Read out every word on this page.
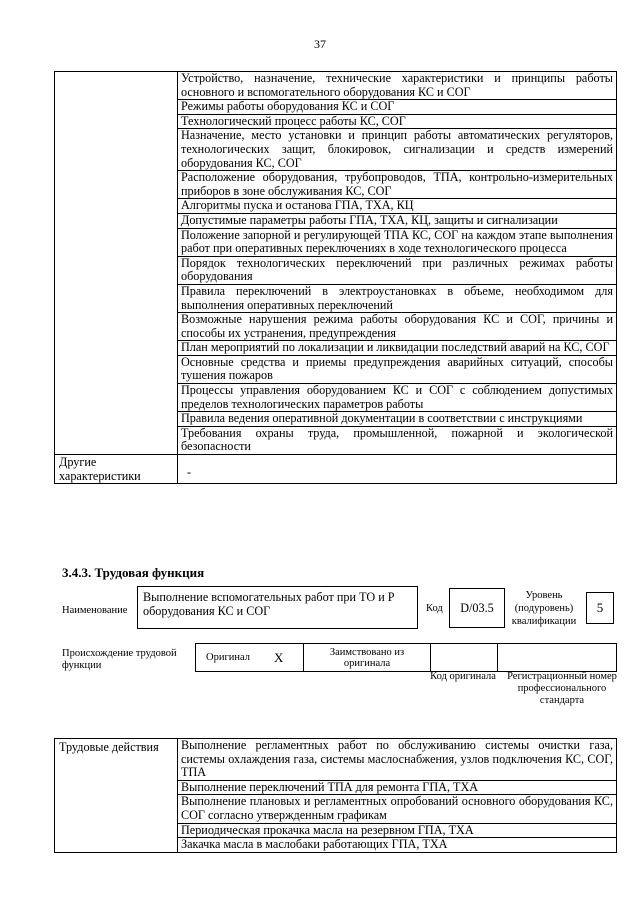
37
	Устройство, назначение, технические характеристики и принципы работы основного и вспомогательного оборудования КС и СОГ
	Режимы работы оборудования КС и СОГ
	Технологический процесс работы КС, СОГ
	Назначение, место установки и принцип работы автоматических регуляторов, технологических защит, блокировок, сигнализации и средств измерений оборудования КС, СОГ
	Расположение оборудования, трубопроводов, ТПА, контрольно-измерительных приборов в зоне обслуживания КС, СОГ
	Алгоритмы пуска и останова ГПА, ТХА, КЦ
	Допустимые параметры работы ГПА, ТХА, КЦ, защиты и сигнализации
	Положение запорной и регулирующей ТПА КС, СОГ на каждом этапе выполнения работ при оперативных переключениях в ходе технологического процесса
	Порядок технологических переключений при различных режимах работы оборудования
	Правила переключений в электроустановках в объеме, необходимом для выполнения оперативных переключений
	Возможные нарушения режима работы оборудования КС и СОГ, причины и способы их устранения, предупреждения
	План мероприятий по локализации и ликвидации последствий аварий на КС, СОГ
	Основные средства и приемы предупреждения аварийных ситуаций, способы тушения пожаров
	Процессы управления оборудованием КС и СОГ с соблюдением допустимых пределов технологических параметров работы
	Правила ведения оперативной документации в соответствии с инструкциями
	Требования охраны труда, промышленной, пожарной и экологической безопасности
Другие характеристики	-
3.4.3. Трудовая функция
Наименование
Выполнение вспомогательных работ при ТО и Р оборудования КС и СОГ	Код D/03.5
Уровень (подуровень) квалификации
5
Происхождение трудовой функции
Оригинал	X	Заимствовано из оригинала		
Код оригинала Регистрационный номер профессионального стандарта
Трудовые действия	Выполнение регламентных работ по обслуживанию системы очистки газа, системы охлаждения газа, системы маслоснабжения, узлов подключения КС, СОГ, ТПА
Выполнение переключений ТПА для ремонта ГПА, ТХА
Выполнение плановых и регламентных опробований основного оборудования КС, СОГ согласно утвержденным графикам
Периодическая прокачка масла на резервном ГПА, ТХА
Закачка масла в маслобаки работающих ГПА, ТХА
